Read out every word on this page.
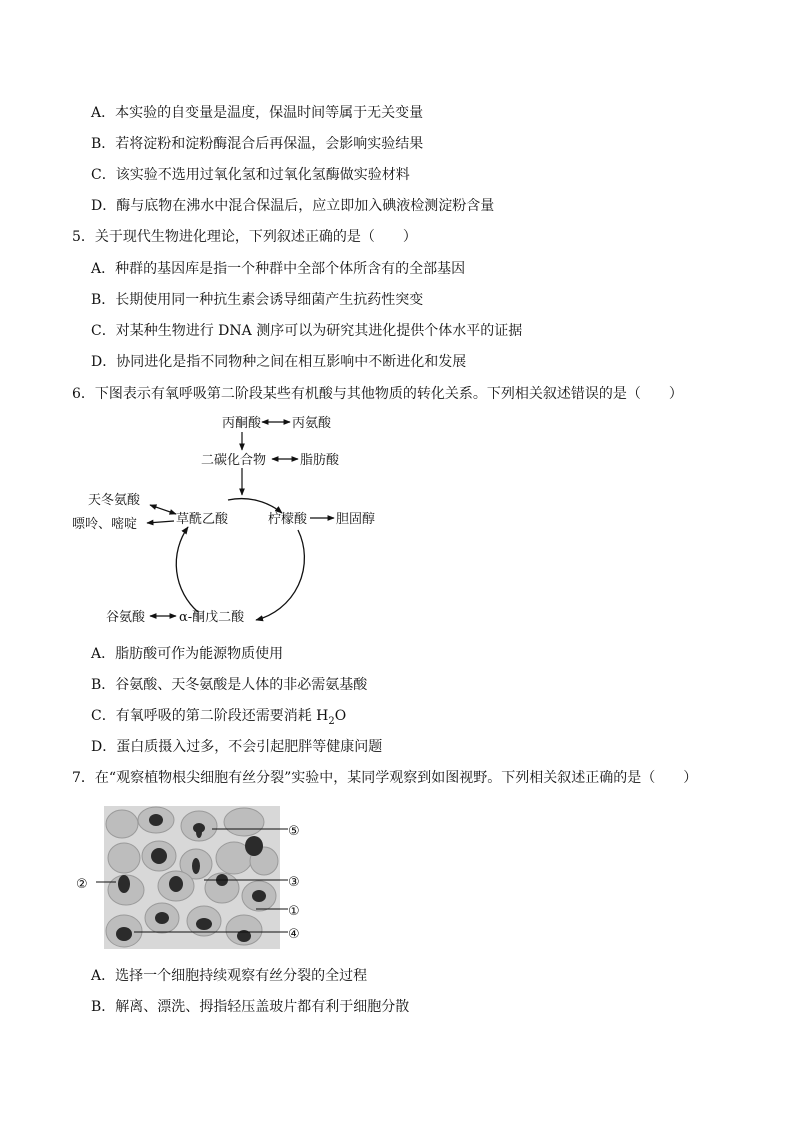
A．本实验的自变量是温度，保温时间等属于无关变量
B．若将淀粉和淀粉酶混合后再保温，会影响实验结果
C．该实验不选用过氧化氢和过氧化氢酶做实验材料
D．酶与底物在沸水中混合保温后，应立即加入碘液检测淀粉含量
5．关于现代生物进化理论，下列叙述正确的是（　　）
A．种群的基因库是指一个种群中全部个体所含有的全部基因
B．长期使用同一种抗生素会诱导细菌产生抗药性突变
C．对某种生物进行 DNA 测序可以为研究其进化提供个体水平的证据
D．协同进化是指不同物种之间在相互影响中不断进化和发展
6．下图表示有氧呼吸第二阶段某些有机酸与其他物质的转化关系。下列相关叙述错误的是（　　）
丙酮酸 丙氨酸
二碳化合物	脂肪酸
草酰乙酸
天冬氨酸
嘌呤、嘧啶	柠檬酸 胆固醇
谷氨酸	α-酮戊二酸
A．脂肪酸可作为能源物质使用
B．谷氨酸、天冬氨酸是人体的非必需氨基酸
C．有氧呼吸的第二阶段还需要消耗 $H_2O$
D．蛋白质摄入过多，不会引起肥胖等健康问题
7．在“观察植物根尖细胞有丝分裂”实验中，某同学观察到如图视野。下列相关叙述正确的是（　　）
⑤
③
①
④
②
A．选择一个细胞持续观察有丝分裂的全过程
B．解离、漂洗、拇指轻压盖玻片都有利于细胞分散
